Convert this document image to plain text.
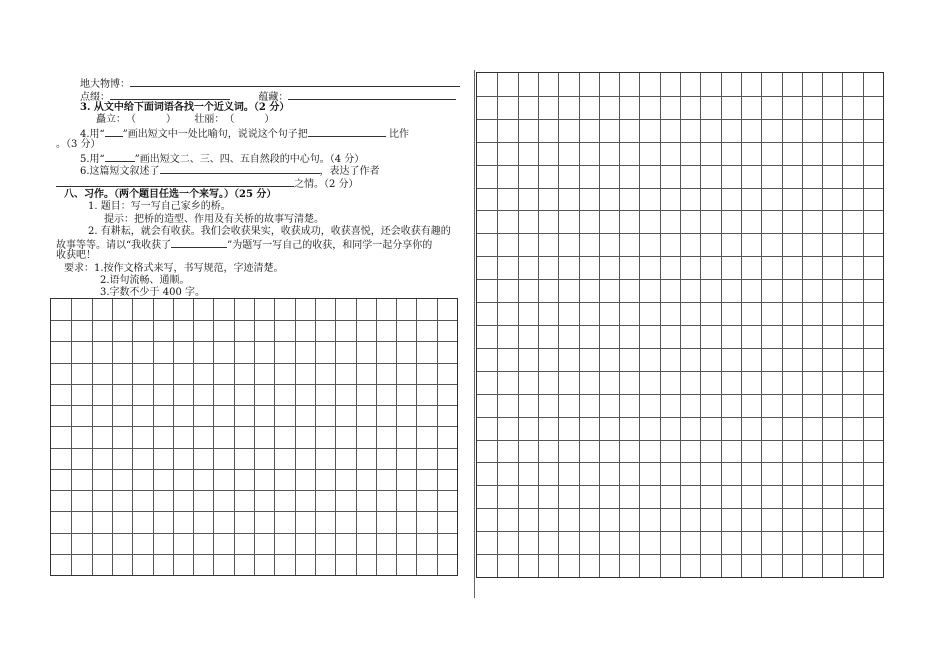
地大物博：
点缀：	蕴藏：
3. 从文中给下面词语各找一个近义词。（2 分）
矗立：（　　　） 壮丽：（　　　）
4.用“ ”画出短文中一处比喻句，说说这个句子把	比作
。（3 分）
5.用“	”画出短文二、三、四、五自然段的中心句。（4 分）
6.这篇短文叙述了	，表达了作者
之情。（2 分）
八、习作。（两个题目任选一个来写。）（25 分）
1. 题目：写一写自己家乡的桥。
提示：把桥的造型、作用及有关桥的故事写清楚。
2. 有耕耘，就会有收获。我们会收获果实，收获成功，收获喜悦，还会收获有趣的
故事等等。请以“我收获了	”为题写一写自己的收获，和同学一起分享你的
收获吧！
要求：1.按作文格式来写，书写规范，字迹清楚。
2.语句流畅、通顺。
3.字数不少于 400 字。
